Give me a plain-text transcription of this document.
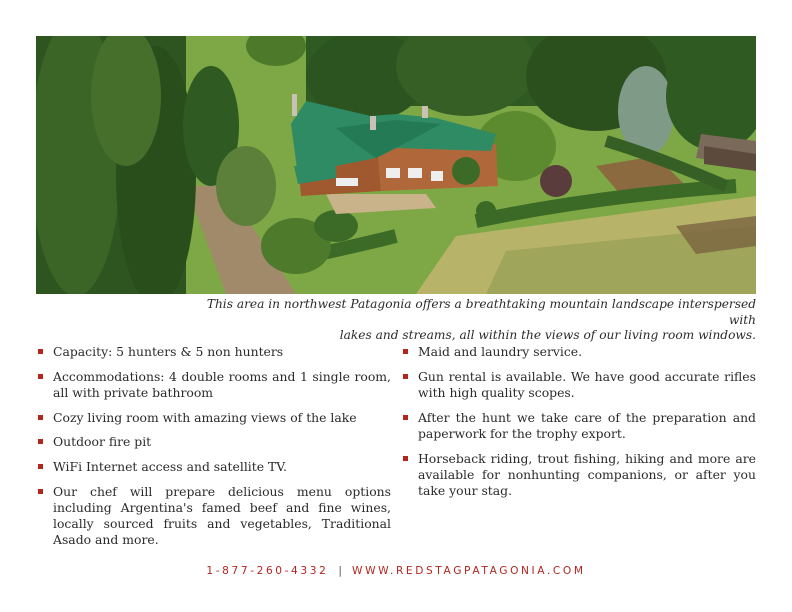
This area in northwest Patagonia offers a breathtaking mountain landscape interspersed with
lakes and streams, all within the views of our living room windows.
Capacity: 5 hunters & 5 non hunters
Accommodations: 4 double rooms and 1 single room, all with private bathroom
Cozy living room with amazing views of the lake
Outdoor fire pit
WiFi Internet access and satellite TV.
Our chef will prepare delicious menu options including Argentina's famed beef and fine wines, locally sourced fruits and vegetables, Traditional Asado and more.
Maid and laundry service.
Gun rental is available. We have good accurate rifles with high quality scopes.
After the hunt we take care of the preparation and paperwork for the trophy export.
Horseback riding, trout fishing, hiking and more are available for nonhunting companions, or after you take your stag.
1-877-260-4332 | WWW.REDSTAGPATAGONIA.COM
